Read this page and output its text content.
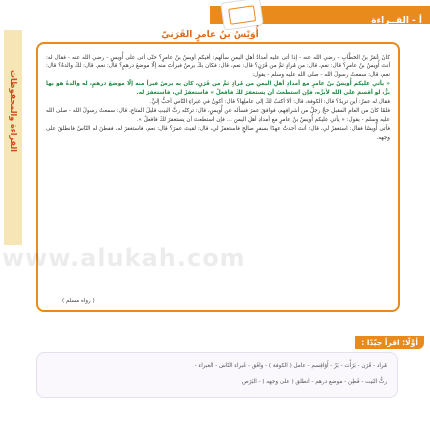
أ - القــراءة
القراءة والمحفوظات
أُوَيْسُ بنُ عامرٍ القَرَنيّ

كانَ عُمَرُ بنُ الخطَّابِ - رضي الله عنه - إذا أتى عليه أمدادُ أهلِ اليمنِ سألهم: أفيكم أويسُ بنُ عامرٍ؟ حتّى أتى على أُويسٍ - رضي الله عنه - فقال له: أنتَ أُويسُ بنُ عامرٍ؟ قال: نعم، قال: من مُرادٍ ثمَّ من قَرَنٍ؟ قال: نعم، قال: فكان بكَ برصٌ فبرأتَ منه إلّا موضعَ درهمٍ؟ قال: نعم. قال: لكَ والدةٌ؟ قال: نعم، قال: سمعتُ رسولَ الله - صلى الله عليه وسلم - يقول:

« يأتي عليكم أُويسُ بنُ عامرٍ مع أمدادِ أهلِ اليمنِ من مُرادٍ ثمَّ من قَرَنٍ، كان به برصٌ فبرأ منه إلّا موضعَ درهمٍ، له والدةٌ هو بها برٌّ، لو أقسمَ على الله لأبرَّه، فإن استطعتَ أن يستغفرَ لكَ فافعلْ » فاستغفرْ لي، فاستغفرَ له.

فقال له عمرُ: أين تريدُ؟ قال: الكوفة، قال: ألا أكتبُ لكَ إلى عاملِها؟ قال: أكونُ في غبراءِ النّاسِ أحبُّ إليَّ.

فلمّا كانَ من العامِ المقبلِ حجَّ رجلٌ من أشرافِهم، فوافقَ عمرَ فسأله عن أُويسٍ، قال: تركتُه رثَّ البيتِ قليلَ المتاعِ، قال: سمعتُ رسولَ الله - صلى الله عليه وسلم - يقول: « يأتي عليكم أُويسُ بنُ عامرٍ مع أمدادِ أهلِ اليمنِ ... فإن استطعتَ أن يستغفرَ لكَ فافعلْ ».

فأتى أُويسًا فقال: استغفرْ لي، قال: أنتَ أحدثُ عهدًا بسفرٍ صالحٍ فاستغفرْ لي، قال: لقيتَ عمرَ؟ قال: نعم، فاستغفرَ له، ففطنَ له النّاسُ فانطلقَ على وجهه.

( رواه مسلم )
www.alukah.com
أوَّلًا: اقرأ جيّدًا :
مُراد - قَرَن - بَرَأْت - بَرّ - أَوَاقِسم - عامل ( الكوفة ) - وافَق - غَبراء النّاس - الغبراء -
رثُّ البَيت - فَطِن - موضع درهم - انطلق ( على وجهه ) - البَرَص
